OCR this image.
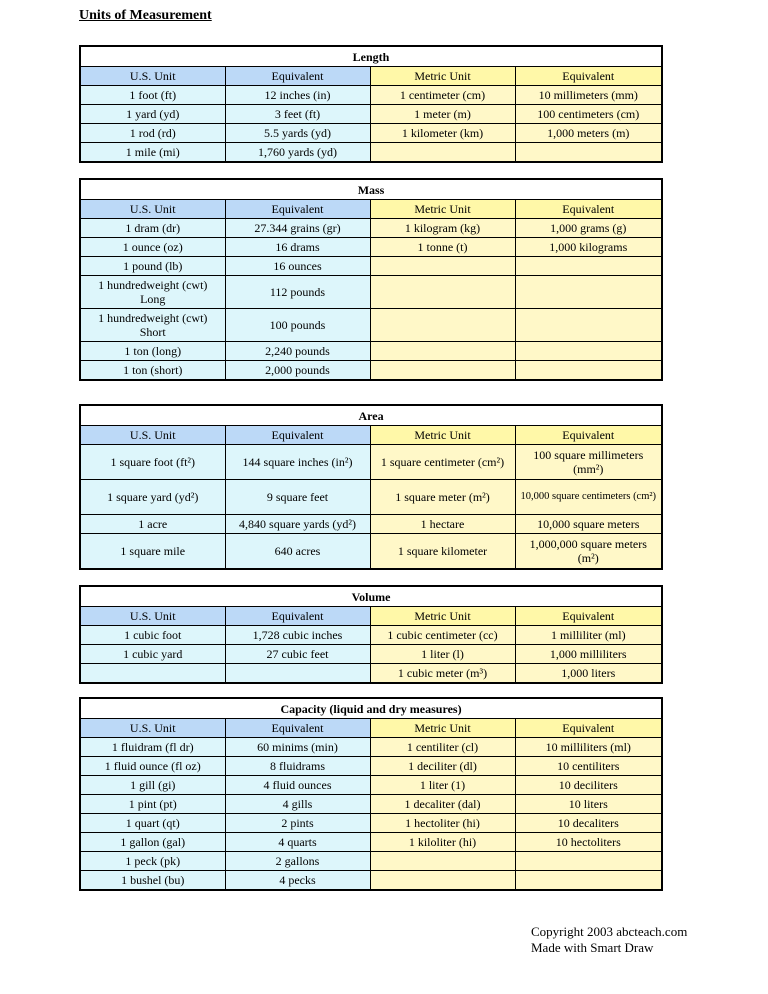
Units of Measurement
Length			
U.S. Unit	Equivalent	Metric Unit	Equivalent
1 foot (ft)	12 inches (in)	1 centimeter (cm)	10 millimeters (mm)
1 yard (yd)	3 feet (ft)	1 meter (m)	100 centimeters (cm)
1 rod (rd)	5.5 yards (yd)	1 kilometer (km)	1,000 meters (m)
1 mile (mi)	1,760 yards (yd)		
Mass			
U.S. Unit	Equivalent	Metric Unit	Equivalent
1 dram (dr)	27.344 grains (gr)	1 kilogram (kg)	1,000 grams (g)
1 ounce (oz)	16 drams	1 tonne (t)	1,000 kilograms
1 pound (lb)	16 ounces		
1 hundredweight (cwt) Long	112 pounds		
1 hundredweight (cwt) Short	100 pounds		
1 ton (long)	2,240 pounds		
1 ton (short)	2,000 pounds		
Area			
U.S. Unit	Equivalent	Metric Unit	Equivalent
1 square foot (ft²)	144 square inches (in²)	1 square centimeter (cm²)	100 square millimeters (mm²)
1 square yard (yd²)	9 square feet	1 square meter (m²)	10,000 square centimeters (cm²)
1 acre	4,840 square yards (yd²)	1 hectare	10,000 square meters
1 square mile	640 acres	1 square kilometer	1,000,000 square meters (m²)
Volume			
U.S. Unit	Equivalent	Metric Unit	Equivalent
1 cubic foot	1,728 cubic inches	1 cubic centimeter (cc)	1 milliliter (ml)
1 cubic yard	27 cubic feet	1 liter (l)	1,000 milliliters
		1 cubic meter (m³)	1,000 liters
Capacity (liquid and dry measures)			
U.S. Unit	Equivalent	Metric Unit	Equivalent
1 fluidram (fl dr)	60 minims (min)	1 centiliter (cl)	10 milliliters (ml)
1 fluid ounce (fl oz)	8 fluidrams	1 deciliter (dl)	10 centiliters
1 gill (gi)	4 fluid ounces	1 liter (1)	10 deciliters
1 pint (pt)	4 gills	1 decaliter (dal)	10 liters
1 quart (qt)	2 pints	1 hectoliter (hi)	10 decaliters
1 gallon (gal)	4 quarts	1 kiloliter (hi)	10 hectoliters
1 peck (pk)	2 gallons		
1 bushel (bu)	4 pecks		
Copyright 2003 abcteach.com
Made with Smart Draw
